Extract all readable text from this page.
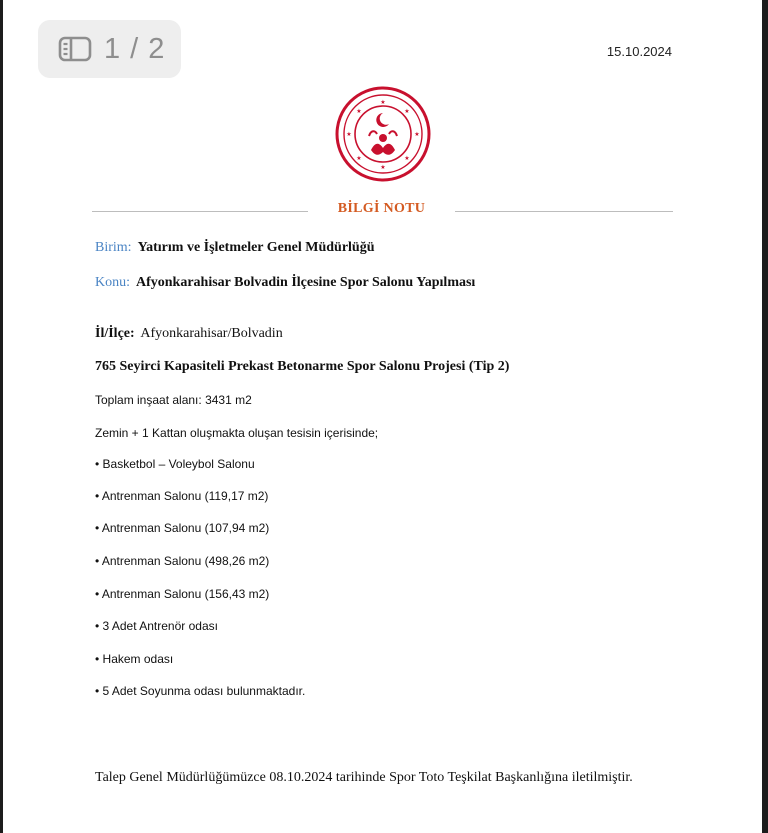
1 / 2	15.10.2024
★
★
★	★
★	★
★	★
BİLGİ NOTU
Birim: Yatırım ve İşletmeler Genel Müdürlüğü
Konu: Afyonkarahisar Bolvadin İlçesine Spor Salonu Yapılması
İl/İlçe: Afyonkarahisar/Bolvadin
765 Seyirci Kapasiteli Prekast Betonarme Spor Salonu Projesi (Tip 2)
Toplam inşaat alanı: 3431 m2
Zemin + 1 Kattan oluşmakta oluşan tesisin içerisinde;
• Basketbol – Voleybol Salonu
• Antrenman Salonu (119,17 m2)
• Antrenman Salonu (107,94 m2)
• Antrenman Salonu (498,26 m2)
• Antrenman Salonu (156,43 m2)
• 3 Adet Antrenör odası
• Hakem odası
• 5 Adet Soyunma odası bulunmaktadır.
Talep Genel Müdürlüğümüzce 08.10.2024 tarihinde Spor Toto Teşkilat Başkanlığına iletilmiştir.
